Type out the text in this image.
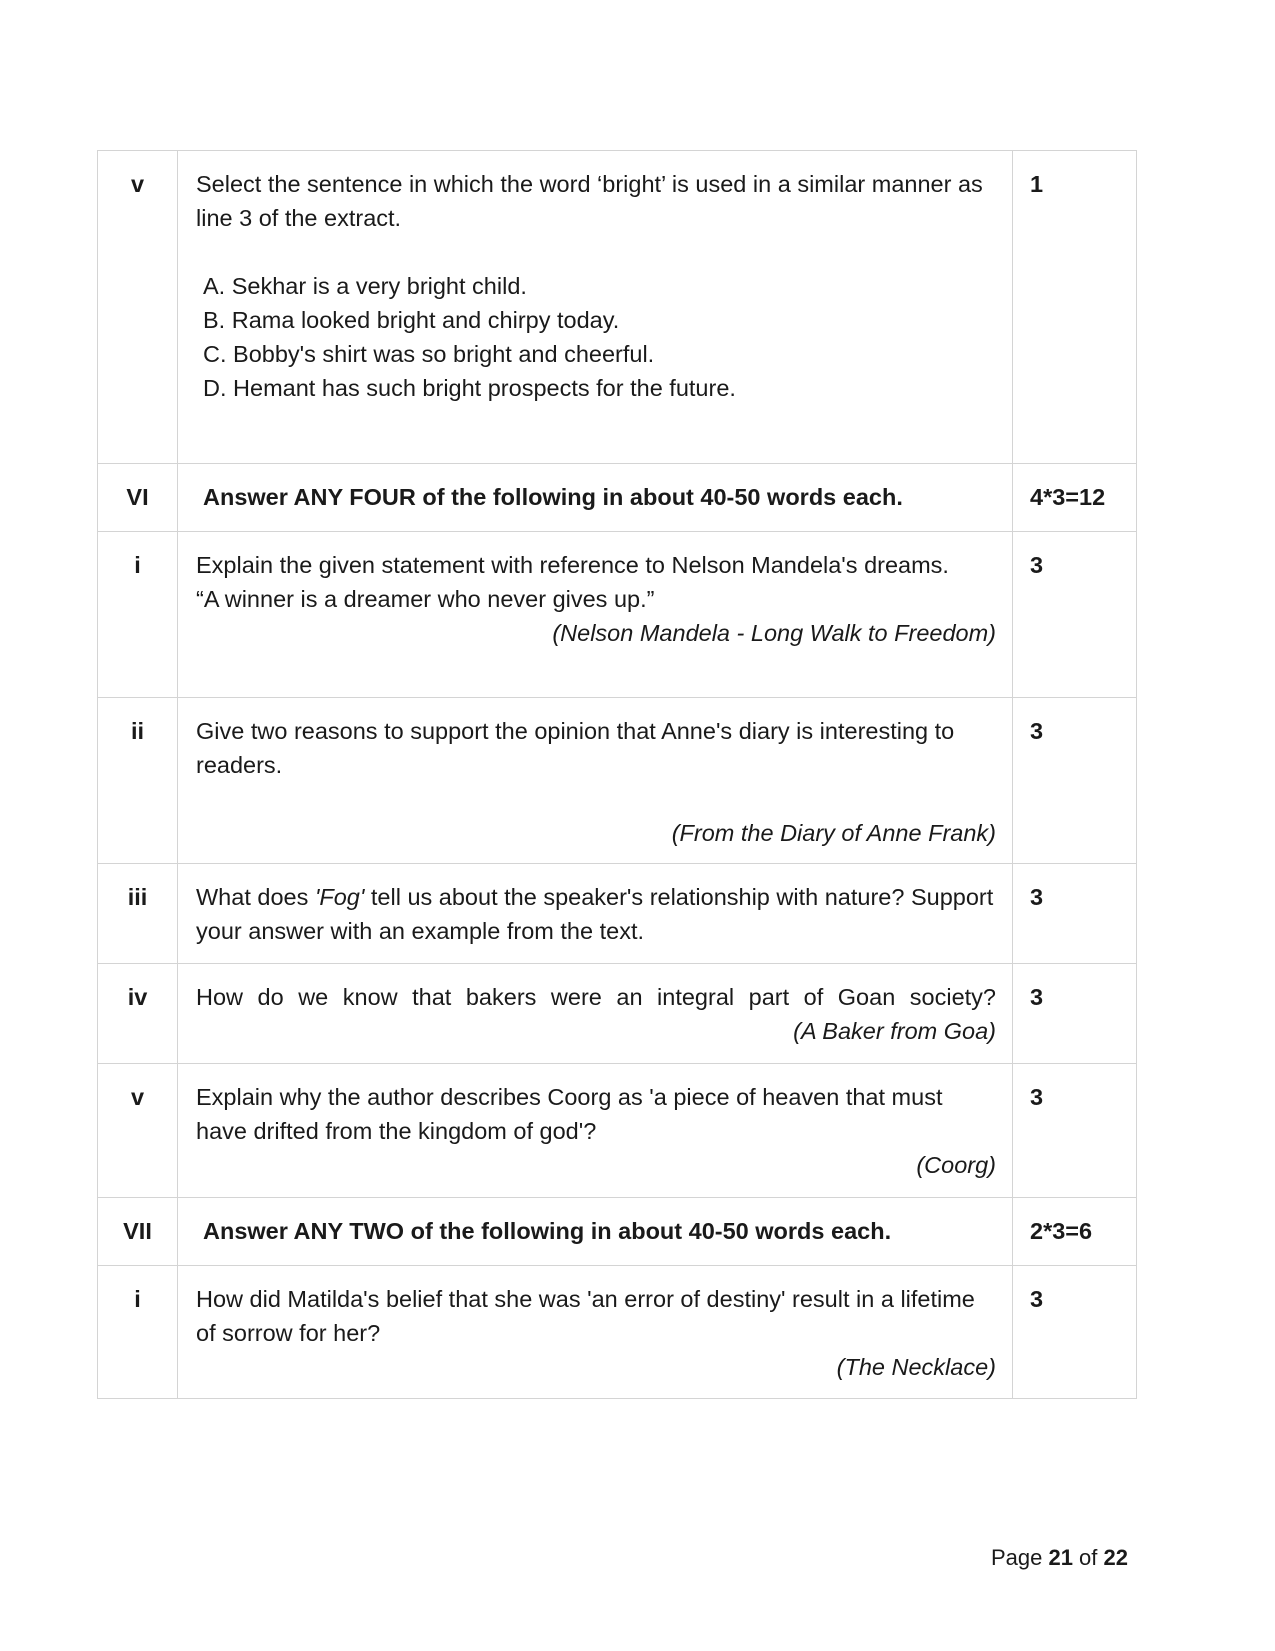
v	Select the sentence in which the word ‘bright’ is used in a similar manner as line 3 of the extract.
A. Sekhar is a very bright child.
B. Rama looked bright and chirpy today.
C. Bobby's shirt was so bright and cheerful.
D. Hemant has such bright prospects for the future.	1

VI	Answer ANY FOUR of the following in about 40-50 words each.	4*3=12

i	Explain the given statement with reference to Nelson Mandela's dreams.
“A winner is a dreamer who never gives up.”
(Nelson Mandela - Long Walk to Freedom)	3

ii	Give two reasons to support the opinion that Anne's diary is interesting to readers.
(From the Diary of Anne Frank)	3

iii	What does 'Fog' tell us about the speaker's relationship with nature? Support your answer with an example from the text.	3

iv	How do we know that bakers were an integral part of Goan society?
(A Baker from Goa)	3

v	Explain why the author describes Coorg as 'a piece of heaven that must have drifted from the kingdom of god'?
(Coorg)	3

VII	Answer ANY TWO of the following in about 40-50 words each.	2*3=6

i	How did Matilda's belief that she was 'an error of destiny' result in a lifetime of sorrow for her?
(The Necklace)	3
Page 21 of 22
